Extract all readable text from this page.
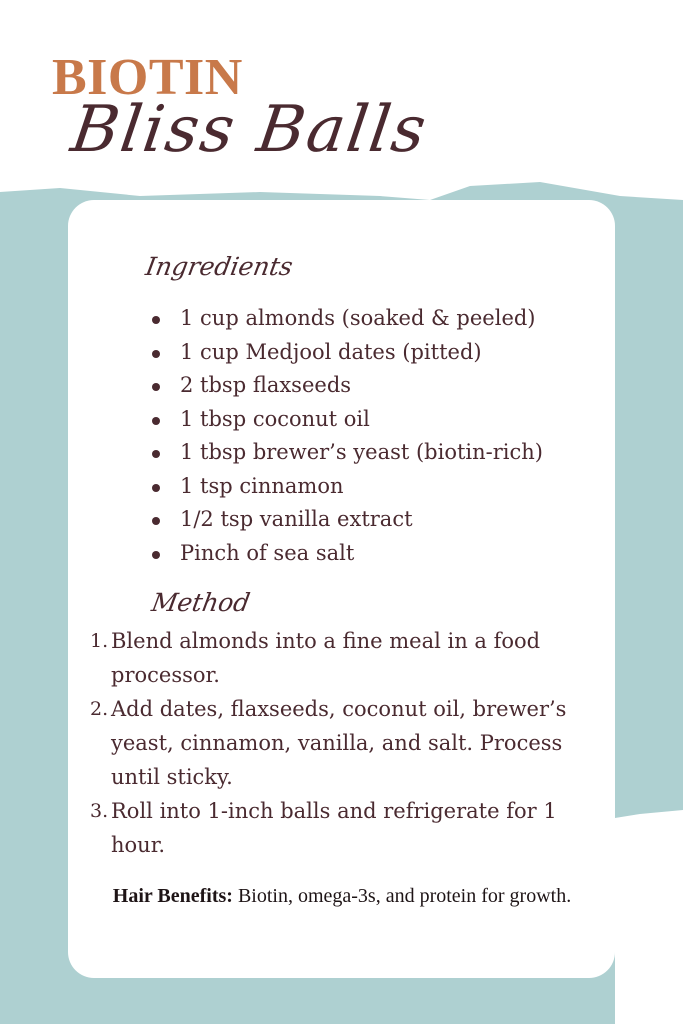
BIOTIN
Bliss Balls
Ingredients
1 cup almonds (soaked & peeled)
1 cup Medjool dates (pitted)
2 tbsp flaxseeds
1 tbsp coconut oil
1 tbsp brewer’s yeast (biotin-rich)
1 tsp cinnamon
1/2 tsp vanilla extract
Pinch of sea salt
Method
1. Blend almonds into a fine meal in a food processor.
2. Add dates, flaxseeds, coconut oil, brewer’s yeast, cinnamon, vanilla, and salt. Process until sticky.
3. Roll into 1-inch balls and refrigerate for 1 hour.
Hair Benefits: Biotin, omega-3s, and protein for growth.
